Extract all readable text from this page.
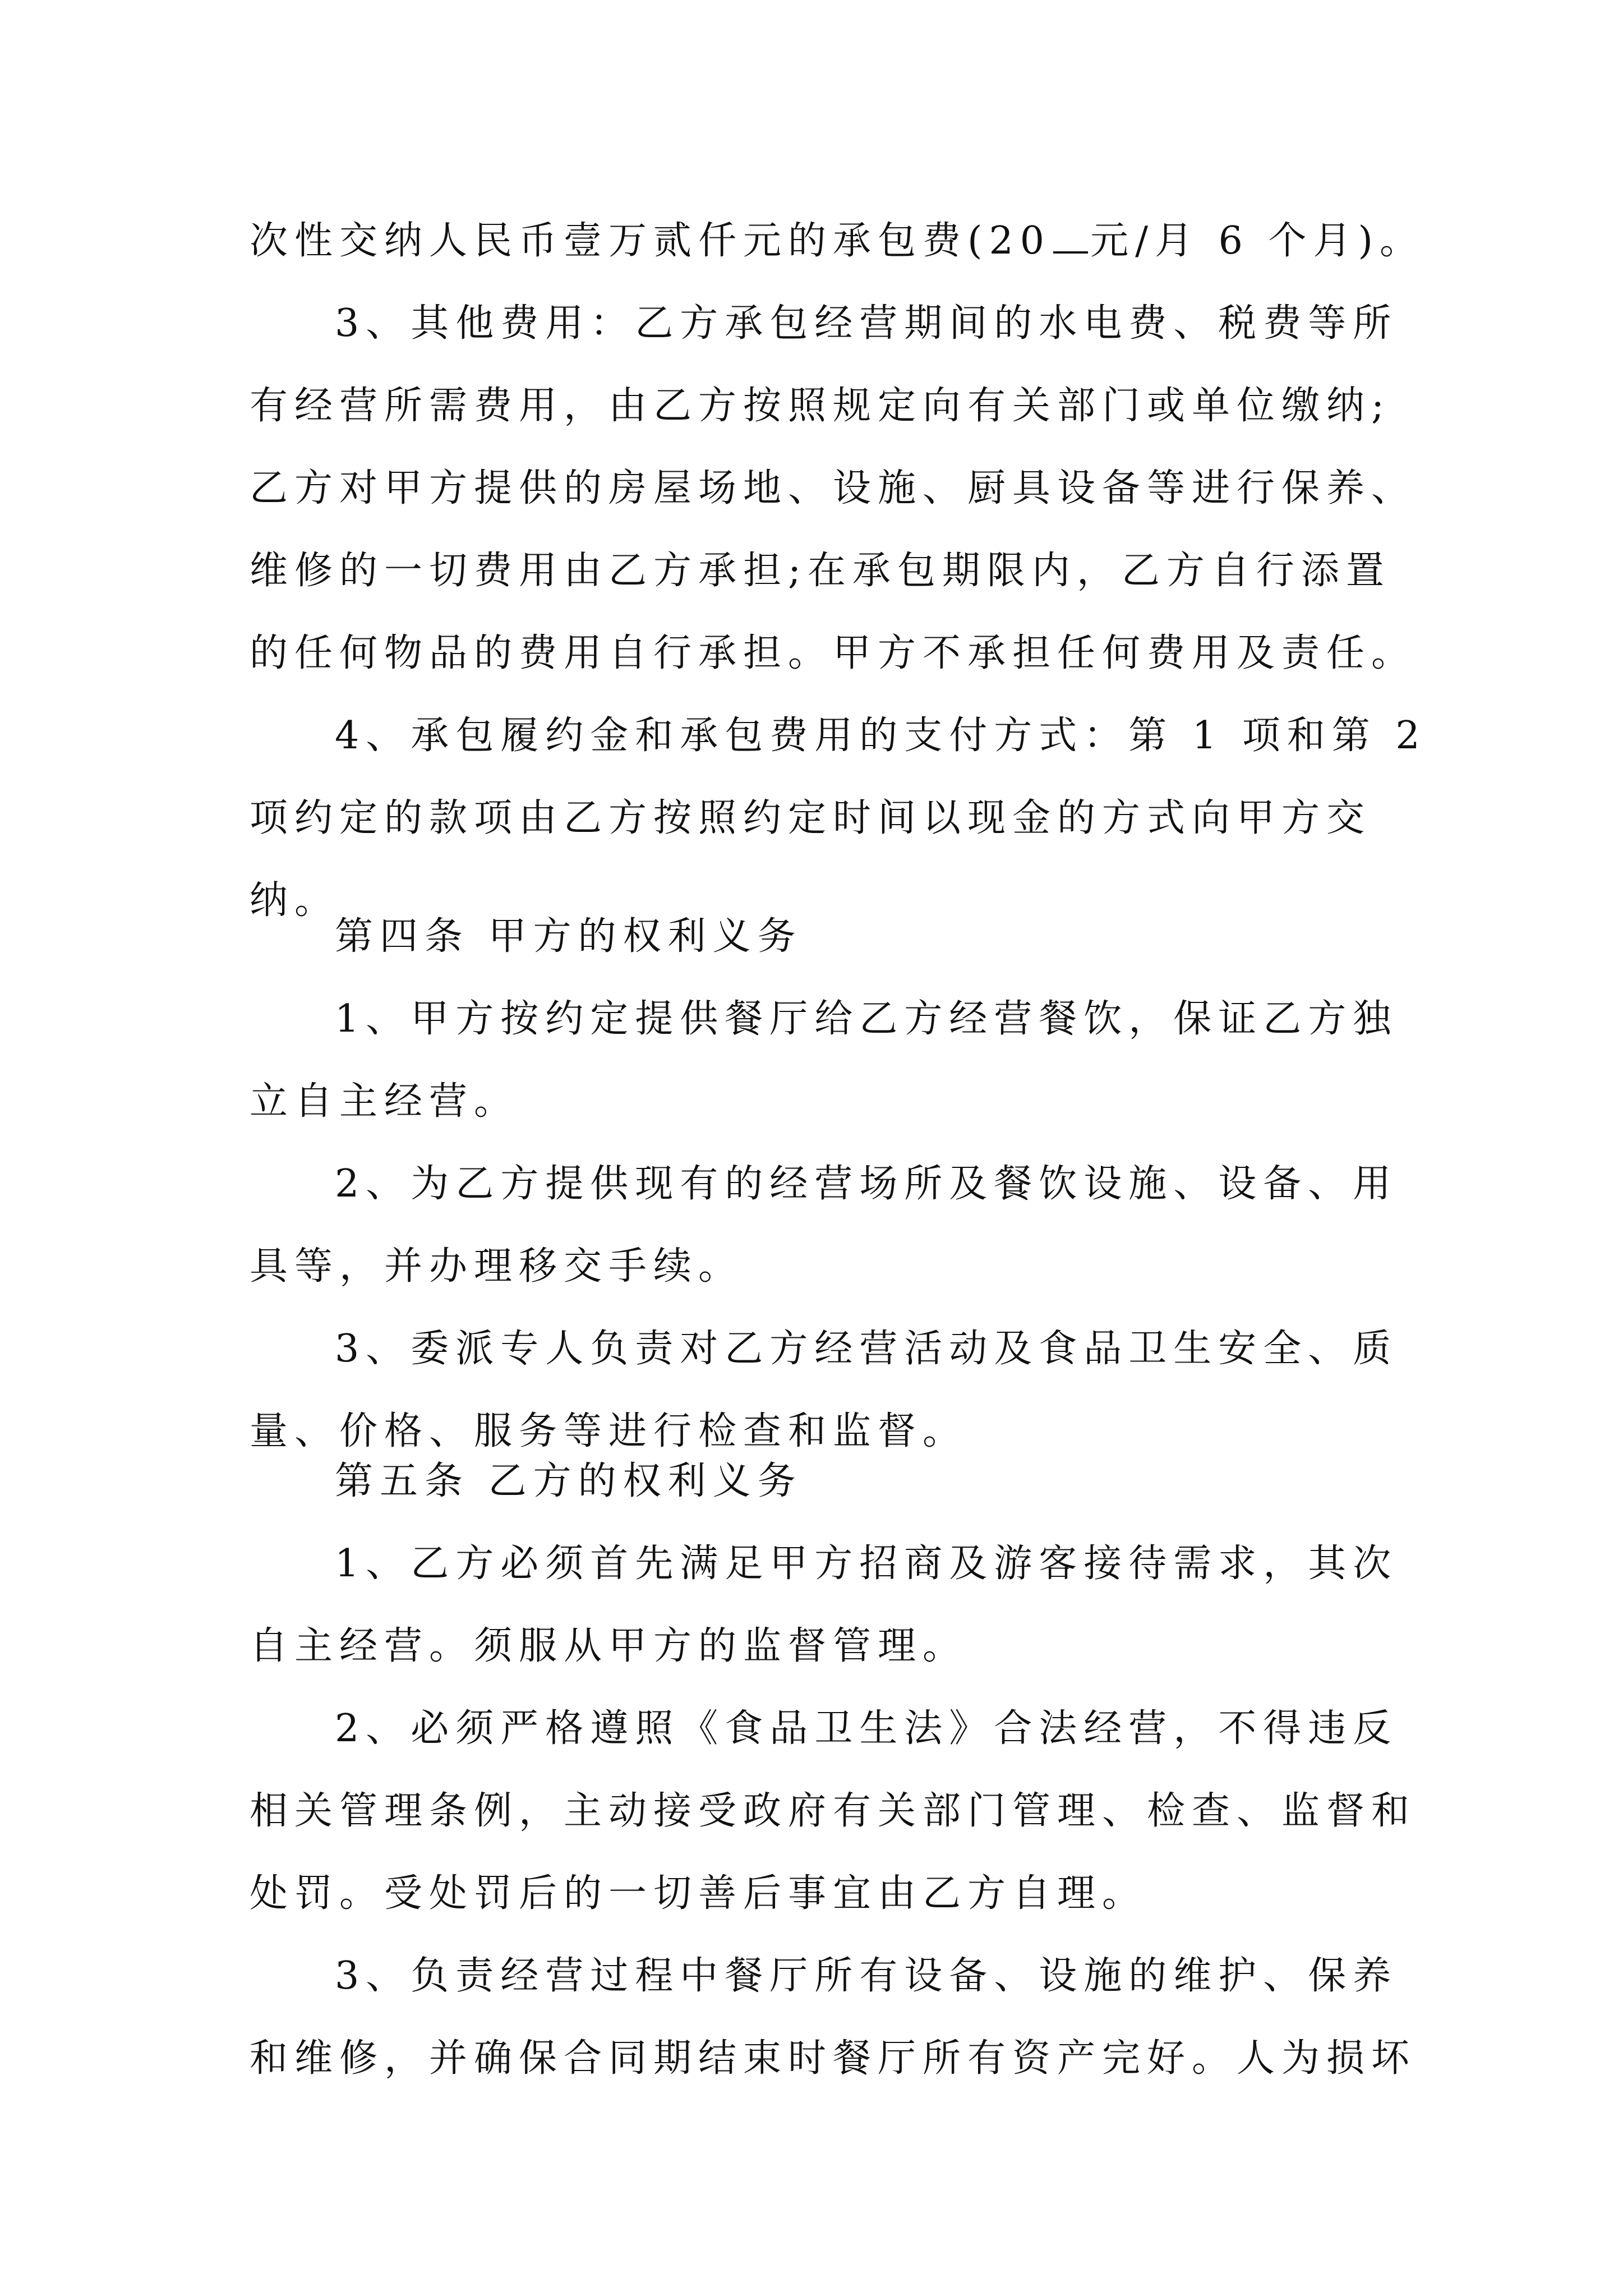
次性交纳人民币壹万贰仟元的承包费(20 元/月 6 个月)。
3、其他费用：乙方承包经营期间的水电费、税费等所
有经营所需费用，由乙方按照规定向有关部门或单位缴纳;
乙方对甲方提供的房屋场地、设施、厨具设备等进行保养、
维修的一切费用由乙方承担;在承包期限内，乙方自行添置
的任何物品的费用自行承担。甲方不承担任何费用及责任。
4、承包履约金和承包费用的支付方式：第 1 项和第 2
项约定的款项由乙方按照约定时间以现金的方式向甲方交
纳。
第四条 甲方的权利义务
1、甲方按约定提供餐厅给乙方经营餐饮，保证乙方独
立自主经营。
2、为乙方提供现有的经营场所及餐饮设施、设备、用
具等，并办理移交手续。
3、委派专人负责对乙方经营活动及食品卫生安全、质
量、价格、服务等进行检查和监督。
第五条 乙方的权利义务
1、乙方必须首先满足甲方招商及游客接待需求，其次
自主经营。须服从甲方的监督管理。
2、必须严格遵照《食品卫生法》合法经营，不得违反
相关管理条例，主动接受政府有关部门管理、检查、监督和
处罚。受处罚后的一切善后事宜由乙方自理。
3、负责经营过程中餐厅所有设备、设施的维护、保养
和维修，并确保合同期结束时餐厅所有资产完好。人为损坏
